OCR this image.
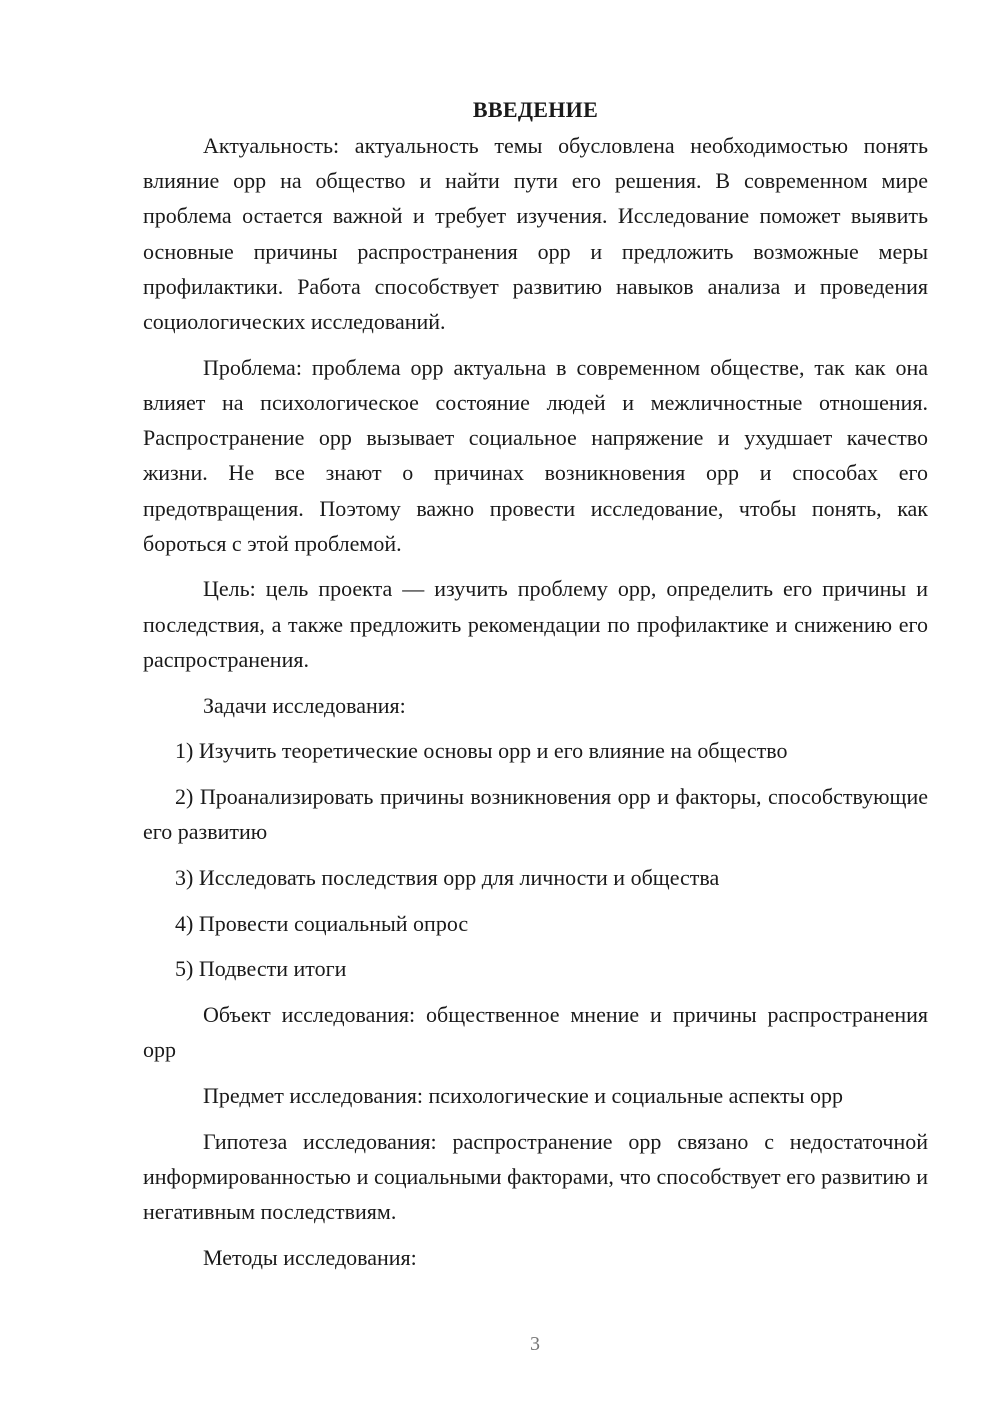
ВВЕДЕНИЕ

Актуальность: актуальность темы обусловлена необходимостью понять влияние орр на общество и найти пути его решения. В современном мире проблема остается важной и требует изучения. Исследование поможет выявить основные причины распространения орр и предложить возможные меры профилактики. Работа способствует развитию навыков анализа и проведения социологических исследований.

Проблема: проблема орр актуальна в современном обществе, так как она влияет на психологическое состояние людей и межличностные отношения. Распространение орр вызывает социальное напряжение и ухудшает качество жизни. Не все знают о причинах возникновения орр и способах его предотвращения. Поэтому важно провести исследование, чтобы понять, как бороться с этой проблемой.

Цель: цель проекта — изучить проблему орр, определить его причины и последствия, а также предложить рекомендации по профилактике и снижению его распространения.

Задачи исследования:

1) Изучить теоретические основы орр и его влияние на общество

2) Проанализировать причины возникновения орр и факторы, способствующие его развитию

3) Исследовать последствия орр для личности и общества

4) Провести социальный опрос

5) Подвести итоги

Объект исследования: общественное мнение и причины распространения орр

Предмет исследования: психологические и социальные аспекты орр

Гипотеза исследования: распространение орр связано с недостаточной информированностью и социальными факторами, что способствует его развитию и негативным последствиям.

Методы исследования:

3
